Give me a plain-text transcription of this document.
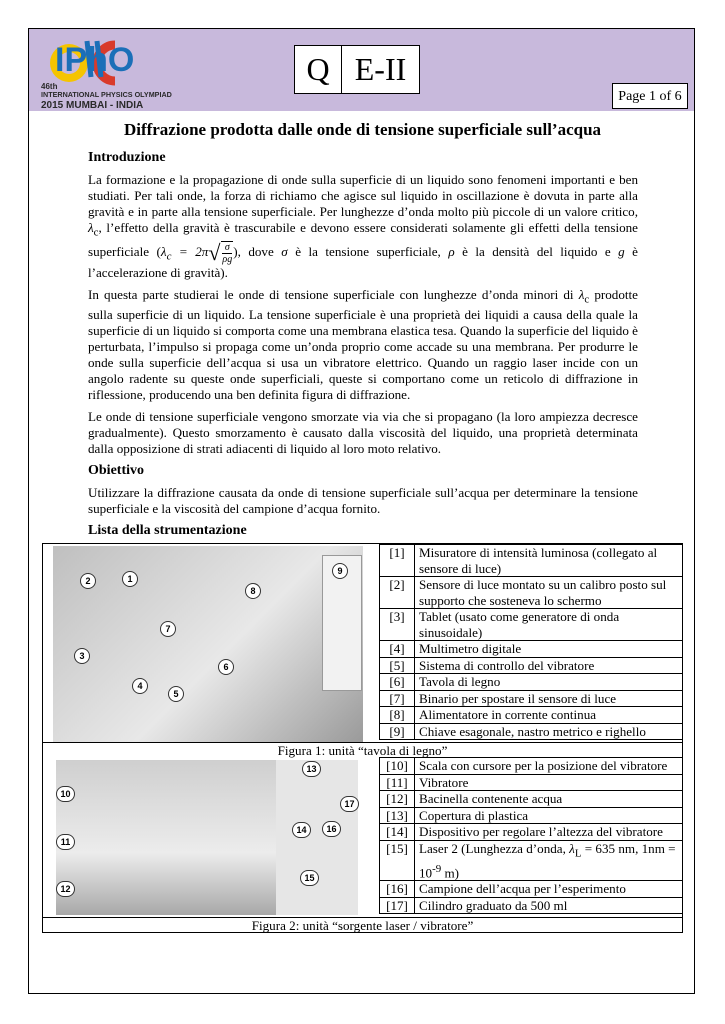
IPhO
46th
INTERNATIONAL PHYSICS OLYMPIAD
2015 MUMBAI - INDIA
Q E-II
Page 1 of 6
Diffrazione prodotta dalle onde di tensione superficiale sull’acqua
Introduzione

La formazione e la propagazione di onde sulla superficie di un liquido sono fenomeni importanti e ben studiati. Per tali onde, la forza di richiamo che agisce sul liquido in oscillazione è dovuta in parte alla gravità e in parte alla tensione superficiale. Per lunghezze d’onda molto più piccole di un valore critico, $\lambda_c$, l’effetto della gravità è trascurabile e devono essere considerati solamente gli effetti della tensione superficiale ($\lambda_c = 2\pi√ \frac{\sigma}{\rho g}$ ), dove σ è la tensione superficiale, ρ è la densità del liquido e g è l’accelerazione di gravità).

In questa parte studierai le onde di tensione superficiale con lunghezze d’onda minori di $\lambda_c$ prodotte sulla superficie di un liquido. La tensione superficiale è una proprietà dei liquidi a causa della quale la superficie di un liquido si comporta come una membrana elastica tesa. Quando la superficie del liquido è perturbata, l’impulso si propaga come un’onda proprio come accade su una membrana. Per produrre le onde sulla superficie dell’acqua si usa un vibratore elettrico. Quando un raggio laser incide con un angolo radente su queste onde superficiali, queste si comportano come un reticolo di diffrazione in riflessione, producendo una ben definita figura di diffrazione.

Le onde di tensione superficiale vengono smorzate via via che si propagano (la loro ampiezza decresce gradualmente). Questo smorzamento è causato dalla viscosità del liquido, una proprietà determinata dalla opposizione di strati adiacenti di liquido al loro moto relativo.

Obiettivo

Utilizzare la diffrazione causata da onde di tensione superficiale sull’acqua per determinare la tensione superficiale e la viscosità del campione d’acqua fornito.

Lista della strumentazione
1
2
3
4
5
6
7
8
9
[1]	Misuratore di intensità luminosa (collegato al sensore di luce)
[2]	Sensore di luce montato su un calibro posto sul supporto che sosteneva lo schermo
[3]	Tablet (usato come generatore di onda sinusoidale)
[4]	Multimetro digitale
[5]	Sistema di controllo del vibratore
[6]	Tavola di legno
[7]	Binario per spostare il sensore di luce
[8]	Alimentatore in corrente continua
[9]	Chiave esagonale, nastro metrico e righello
Figura 1: unità “tavola di legno”
10
11
12
13
14
15
16
17
[10]	Scala con cursore per la posizione del vibratore
[11]	Vibratore
[12]	Bacinella contenente acqua
[13]	Copertura di plastica
[14]	Dispositivo per regolare l’altezza del vibratore
[15]	Laser 2 (Lunghezza d’onda, $\lambda_L = 635$ nm, $1nm = 10^{-9}$ m)
[16]	Campione dell’acqua per l’esperimento
[17]	Cilindro graduato da 500 ml
Figura 2: unità “sorgente laser / vibratore”
